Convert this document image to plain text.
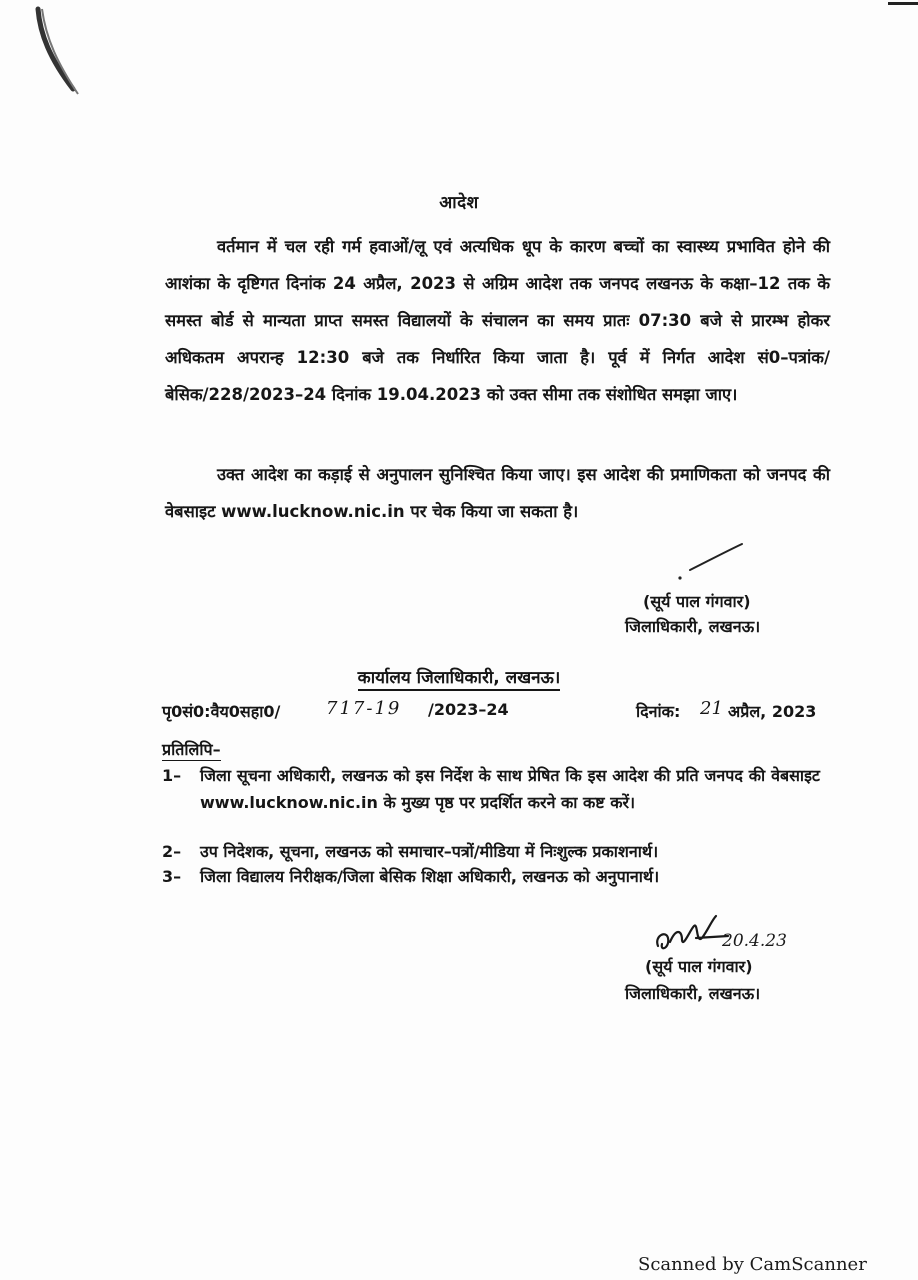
आदेश
वर्तमान में चल रही गर्म हवाओं/लू एवं अत्यधिक धूप के कारण बच्चों का स्वास्थ्य प्रभावित होने की आशंका के दृष्टिगत दिनांक 24 अप्रैल, 2023 से अग्रिम आदेश तक जनपद लखनऊ के कक्षा–12 तक के समस्त बोर्ड से मान्यता प्राप्त समस्त विद्यालयों के संचालन का समय प्रातः 07:30 बजे से प्रारम्भ होकर अधिकतम अपरान्ह 12:30 बजे तक निर्धारित किया जाता है। पूर्व में निर्गत आदेश सं0–पत्रांक/बेसिक/228/2023–24 दिनांक 19.04.2023 को उक्त सीमा तक संशोधित समझा जाए।
उक्त आदेश का कड़ाई से अनुपालन सुनिश्चित किया जाए। इस आदेश की प्रमाणिकता को जनपद की वेबसाइट www.lucknow.nic.in पर चेक किया जा सकता है।
(सूर्य पाल गंगवार)
जिलाधिकारी, लखनऊ।
कार्यालय जिलाधिकारी, लखनऊ।
पृ0सं0:वैय0सहा0/	717-19 /2023–24	दिनांक: 21 अप्रैल, 2023
प्रतिलिपि–
1– जिला सूचना अधिकारी, लखनऊ को इस निर्देश के साथ प्रेषित कि इस आदेश की प्रति जनपद की वेबसाइट www.lucknow.nic.in के मुख्य पृष्ठ पर प्रदर्शित करने का कष्ट करें।
2– उप निदेशक, सूचना, लखनऊ को समाचार–पत्रों/मीडिया में निःशुल्क प्रकाशनार्थ।
3– जिला विद्यालय निरीक्षक/जिला बेसिक शिक्षा अधिकारी, लखनऊ को अनुपानार्थ।
20.4.23
(सूर्य पाल गंगवार)
जिलाधिकारी, लखनऊ।
Scanned by CamScanner
